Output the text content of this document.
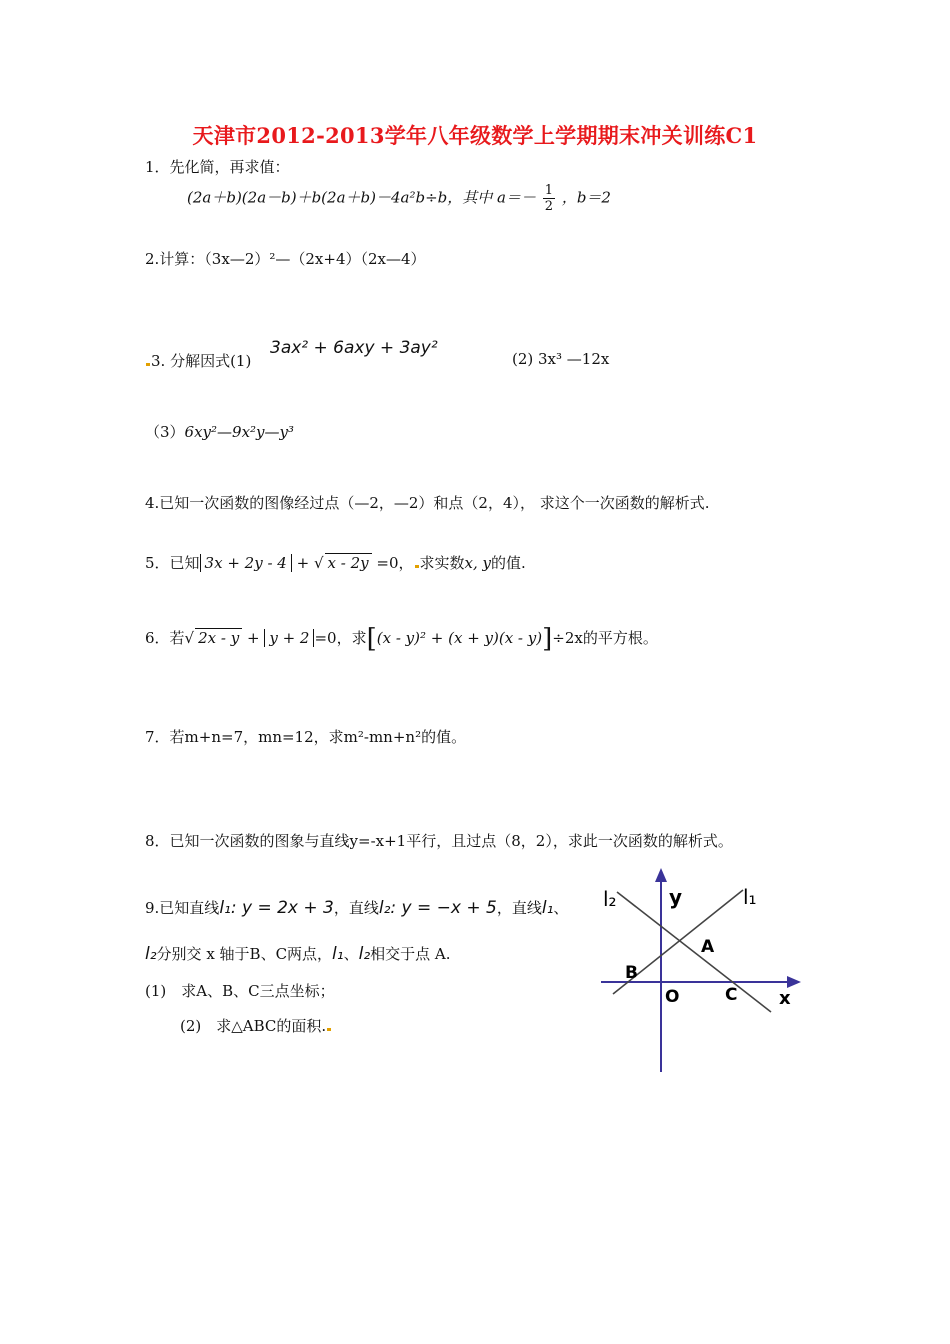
天津市2012-2013学年八年级数学上学期期末冲关训练C1
1．先化简，再求值：
(2a＋b)(2a－b)＋b(2a＋b)－4a²b÷b，其中 $a=- \frac{1}{2}$ ，b＝2
2.计算：（3x—2）²—（2x+4）（2x—4）
3. 分解因式(1)
3ax² + 6axy + 3ay²
(2) 3x³ —12x
（3）6xy²—9x²y—y³
4.已知一次函数的图像经过点（—2，—2）和点（2，4）， 求这个一次函数的解析式.
5．已知 3x + 2y - 4 + √ x - 2y =0， 求实数x, y的值.
6．若√ 2x - y + y + 2 =0，求[(x - y)² + (x + y)(x - y)]÷2x的平方根。
7．若m+n=7，mn=12，求m²-mn+n²的值。
8．已知一次函数的图象与直线y=-x+1平行，且过点（8，2），求此一次函数的解析式。
9.已知直线l₁: y = 2x + 3，直线l₂: y = −x + 5，直线l₁、
l₂分别交 x 轴于B、C两点，l₁、l₂相交于点 A.
(1)　求A、B、C三点坐标；
(2)　求△ABC的面积.
l₂	y	l₁
A
B
O	C x
